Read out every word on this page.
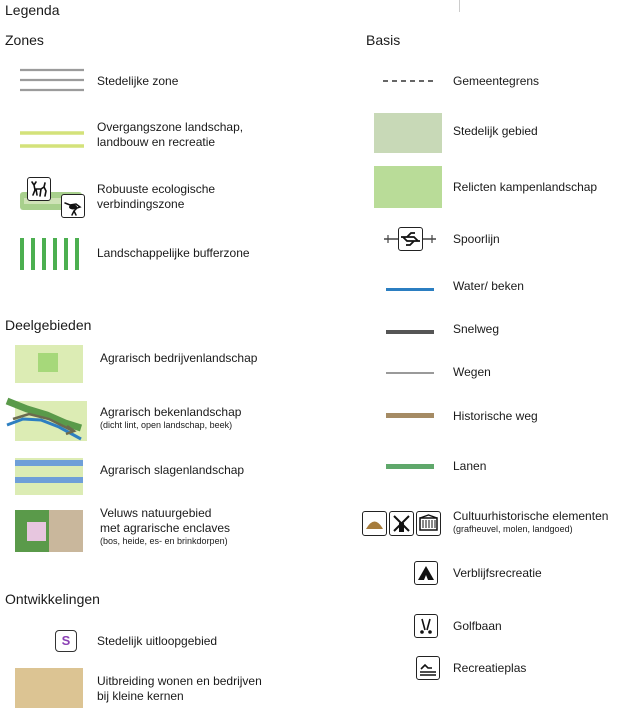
Legenda
Zones
Stedelijke zone
Overgangszone landschap,
landbouw en recreatie
Robuuste ecologische
verbindingszone
Landschappelijke bufferzone
Deelgebieden
Agrarisch bedrijvenlandschap
Agrarisch bekenlandschap
(dicht lint, open landschap, beek)
Agrarisch slagenlandschap
Veluws natuurgebied
met agrarische enclaves
(bos, heide, es- en brinkdorpen)
Ontwikkelingen
S	Stedelijk uitloopgebied
Uitbreiding wonen en bedrijven
bij kleine kernen
Basis
Gemeentegrens
Stedelijk gebied
Relicten kampenlandschap
Spoorlijn
Water/ beken
Snelweg
Wegen
Historische weg
Lanen
Cultuurhistorische elementen
(grafheuvel, molen, landgoed)
Verblijfsrecreatie
Golfbaan
Recreatieplas
